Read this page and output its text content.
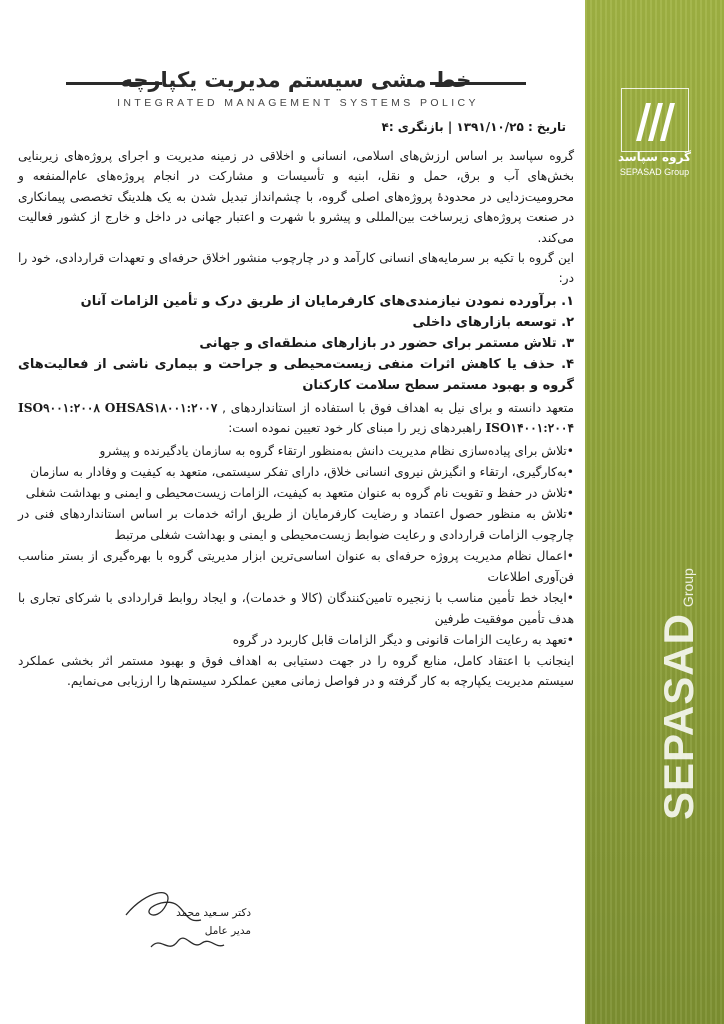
گروه سپاسد
SEPASAD Group
SEPASADGroup
خط مشی سیستم مدیریت یکپارچه
INTEGRATED MANAGEMENT SYSTEMS POLICY
تاریخ : ۱۳۹۱/۱۰/۲۵ | بازنگری :۴

گروه سپاسد بر اساس ارزش‌های اسلامی، انسانی و اخلاقی در زمینه مدیریت و اجرای پروژه‌های زیربنایی بخش‌های آب و برق، حمل و نقل، ابنیه و تأسیسات و مشارکت در انجام پروژه‌های عام‌المنفعه و محرومیت‌زدایی در محدودهٔ پروژه‌های اصلی گروه، با چشم‌انداز تبدیل شدن به یک هلدینگ تخصصی پیمانکاری در صنعت پروژه‌های زیرساخت بین‌المللی و پیشرو با شهرت و اعتبار جهانی در داخل و خارج از کشور فعالیت می‌کند.

این گروه با تکیه بر سرمایه‌های انسانی کارآمد و در چارچوب منشور اخلاق حرفه‌ای و تعهدات قراردادی، خود را در:

۱. برآورده نمودن نیازمندی‌های کارفرمایان از طریق درک و تأمین الزامات آنان
۲. توسعه بازارهای داخلی
۳. تلاش مستمر برای حضور در بازارهای منطقه‌ای و جهانی
۴. حذف یا کاهش اثرات منفی زیست‌محیطی و جراحت و بیماری ناشی از فعالیت‌های گروه و بهبود مستمر سطح سلامت کارکنان

متعهد دانسته و برای نیل به اهداف فوق با استفاده از استانداردهای , ISO۹۰۰۱:۲۰۰۸ OHSAS۱۸۰۰۱:۲۰۰۷ ISO۱۴۰۰۱:۲۰۰۴ راهبردهای زیر را مبنای کار خود تعیین نموده است:

•تلاش برای پیاده‌سازی نظام مدیریت دانش به‌منظور ارتقاء گروه به سازمان یادگیرنده و پیشرو
•به‌کارگیری، ارتقاء و انگیزش نیروی انسانی خلاق، دارای تفکر سیستمی، متعهد به کیفیت و وفادار به سازمان
•تلاش در حفظ و تقویت نام گروه به عنوان متعهد به کیفیت، الزامات زیست‌محیطی و ایمنی و بهداشت شغلی
•تلاش به منظور حصول اعتماد و رضایت کارفرمایان از طریق ارائه خدمات بر اساس استانداردهای فنی در چارچوب الزامات قراردادی و رعایت ضوابط زیست‌محیطی و ایمنی و بهداشت شغلی مرتبط
•اعمال نظام مدیریت پروژه حرفه‌ای به عنوان اساسی‌ترین ابزار مدیریتی گروه با بهره‌گیری از بستر مناسب فن‌آوری اطلاعات
•ایجاد خط تأمین مناسب با زنجیره تامین‌کنندگان (کالا و خدمات)، و ایجاد روابط قراردادی با شرکای تجاری با هدف تأمین موفقیت طرفین
•تعهد به رعایت الزامات قانونی و دیگر الزامات قابل کاربرد در گروه

اینجانب با اعتقاد کامل، منابع گروه را در جهت دستیابی به اهداف فوق و بهبود مستمر اثر بخشی عملکرد سیستم مدیریت یکپارچه به کار گرفته و در فواصل زمانی معین عملکرد سیستم‌ها را ارزیابی می‌نمایم.

دکتر سـعید محمد
مدیر عامل
